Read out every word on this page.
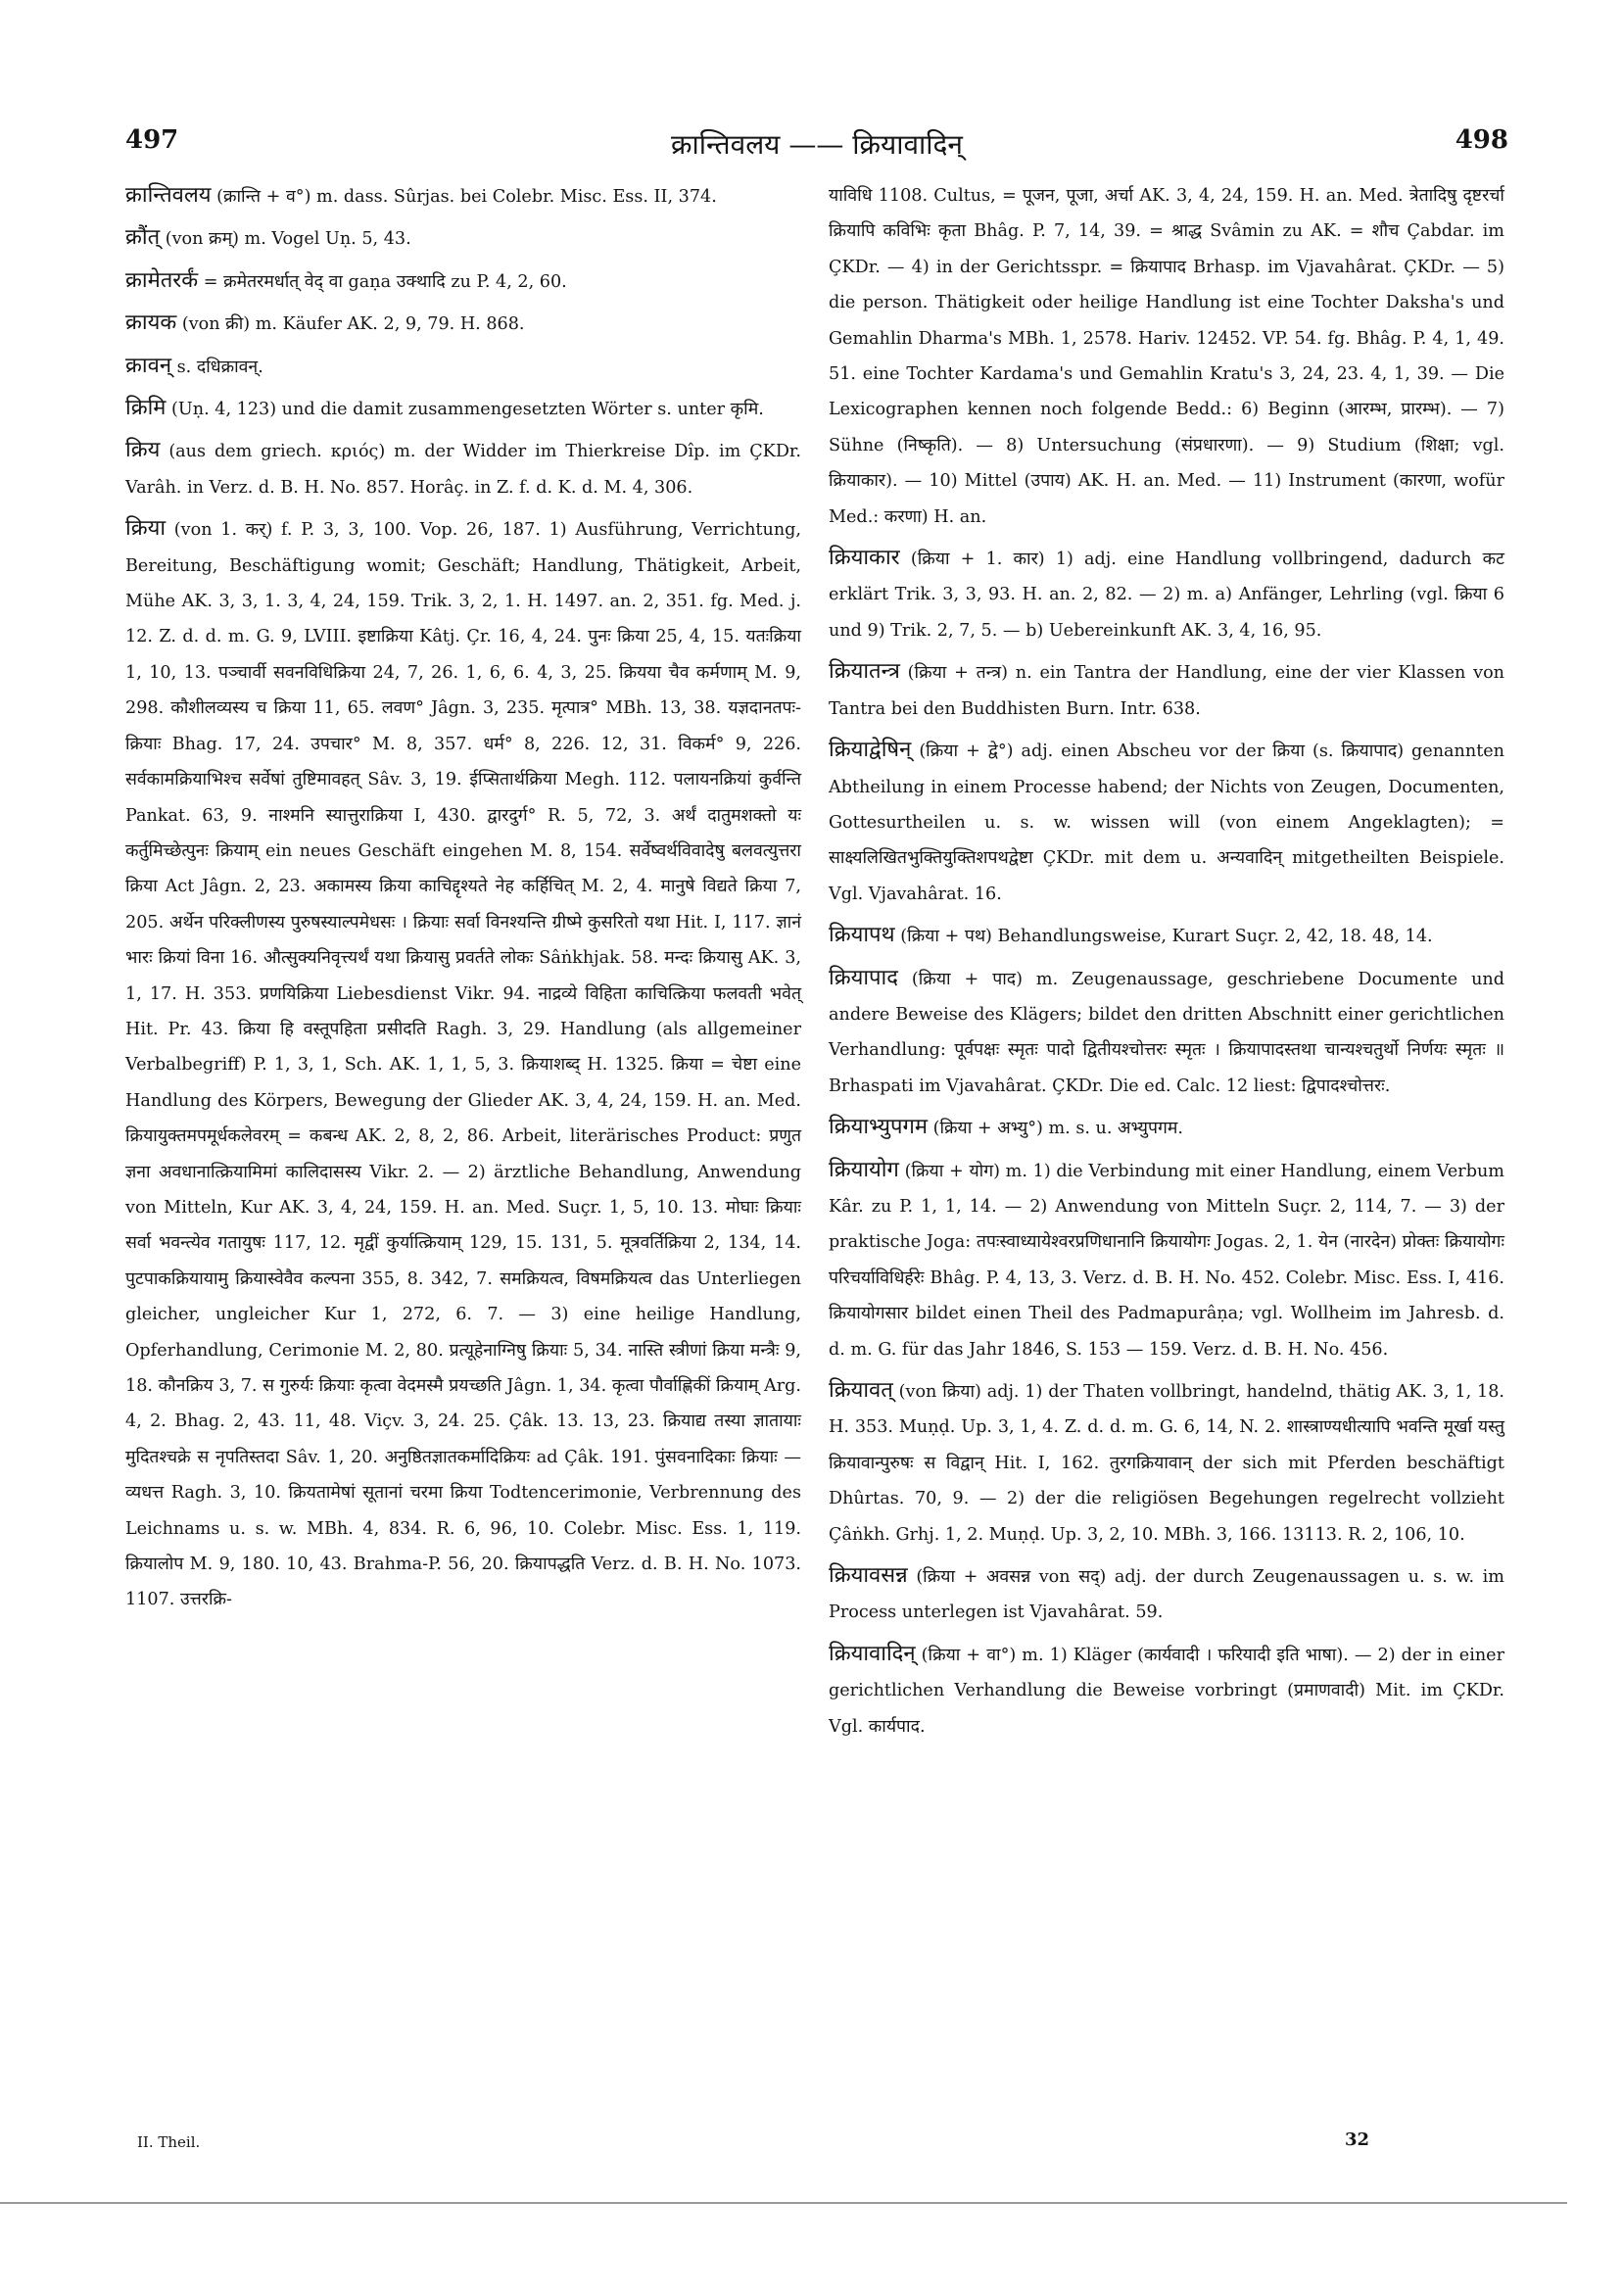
497	क्रान्तिवलय —— क्रियावादिन्	498

क्रान्तिवलय (क्रान्ति + व°) m. dass. Sûrjas. bei Colebr. Misc. Ess. II, 374.

क्रौंत् (von क्रम्) m. Vogel Uṇ. 5, 43.

क्रामेतरर्कं = क्रमेतरमर्धात् वेद् वा gaṇa उक्थादि zu P. 4, 2, 60.

क्रायक (von क्री) m. Käufer AK. 2, 9, 79. H. 868.

क्रावन् s. दधिक्रावन्.

क्रिमि (Uṇ. 4, 123) und die damit zusammengesetzten Wörter s. unter कृमि.

क्रिय (aus dem griech. κριός) m. der Widder im Thierkreise Dîp. im ÇKDr. Varâh. in Verz. d. B. H. No. 857. Horâç. in Z. f. d. K. d. M. 4, 306.

क्रिया (von 1. कर्) f. P. 3, 3, 100. Vop. 26, 187. 1) Ausführung, Verrichtung, Bereitung, Beschäftigung womit; Geschäft; Handlung, Thätigkeit, Arbeit, Mühe AK. 3, 3, 1. 3, 4, 24, 159. Trik. 3, 2, 1. H. 1497. an. 2, 351. fg. Med. j. 12. Z. d. d. m. G. 9, LVIII. इष्टाक्रिया Kâtj. Çr. 16, 4, 24. पुनः क्रिया 25, 4, 15. यतःक्रिया 1, 10, 13. पञ्चार्वी सवनविधिक्रिया 24, 7, 26. 1, 6, 6. 4, 3, 25. क्रियया चैव कर्मणाम् M. 9, 298. कौशीलव्यस्य च क्रिया 11, 65. लवण° Jâgn. 3, 235. मृत्पात्र° MBh. 13, 38. यज्ञदानतपः-क्रियाः Bhag. 17, 24. उपचार° M. 8, 357. धर्म° 8, 226. 12, 31. विकर्म° 9, 226. सर्वकामक्रियाभिश्च सर्वेषां तुष्टिमावहत् Sâv. 3, 19. ईप्सितार्थक्रिया Megh. 112. पलायनक्रियां कुर्वन्ति Pankat. 63, 9. नाश्मनि स्यात्तुराक्रिया I, 430. द्वारदुर्ग° R. 5, 72, 3. अर्थं दातुमशक्तो यः कर्तुमिच्छेत्पुनः क्रियाम् ein neues Geschäft eingehen M. 8, 154. सर्वेष्वर्थविवादेषु बलवत्युत्तरा क्रिया Act Jâgn. 2, 23. अकामस्य क्रिया काचिद्दृश्यते नेह कर्हिचित् M. 2, 4. मानुषे विद्यते क्रिया 7, 205. अर्थेन परिक्लीणस्य पुरुषस्याल्पमेधसः । क्रियाः सर्वा विनश्यन्ति ग्रीष्मे कुसरितो यथा Hit. I, 117. ज्ञानं भारः क्रियां विना 16. औत्सुक्यनिवृत्त्यर्थं यथा क्रियासु प्रवर्तते लोकः Sâṅkhjak. 58. मन्दः क्रियासु AK. 3, 1, 17. H. 353. प्रणयिक्रिया Liebesdienst Vikr. 94. नाद्रव्ये विहिता काचित्क्रिया फलवती भवेत् Hit. Pr. 43. क्रिया हि वस्तूपहिता प्रसीदति Ragh. 3, 29. Handlung (als allgemeiner Verbalbegriff) P. 1, 3, 1, Sch. AK. 1, 1, 5, 3. क्रियाशब्द् H. 1325. क्रिया = चेष्टा eine Handlung des Körpers, Bewegung der Glieder AK. 3, 4, 24, 159. H. an. Med. क्रियायुक्तमपमूर्धकलेवरम् = कबन्ध AK. 2, 8, 2, 86. Arbeit, literärisches Product: प्रणुत ज्ञना अवधानात्क्रियामिमां कालिदासस्य Vikr. 2. — 2) ärztliche Behandlung, Anwendung von Mitteln, Kur AK. 3, 4, 24, 159. H. an. Med. Suçr. 1, 5, 10. 13. मोघाः क्रियाः सर्वा भवन्त्येव गतायुषः 117, 12. मृद्वीं कुर्यात्क्रियाम् 129, 15. 131, 5. मूत्रवर्तिक्रिया 2, 134, 14. पुटपाकक्रियायामु क्रियास्वेवैव कल्पना 355, 8. 342, 7. समक्रियत्व, विषमक्रियत्व das Unterliegen gleicher, ungleicher Kur 1, 272, 6. 7. — 3) eine heilige Handlung, Opferhandlung, Cerimonie M. 2, 80. प्रत्यूहेनाग्निषु क्रियाः 5, 34. नास्ति स्त्रीणां क्रिया मन्त्रैः 9, 18. कौनक्रिय 3, 7. स गुरुर्यः क्रियाः कृत्वा वेदमस्मै प्रयच्छति Jâgn. 1, 34. कृत्वा पौर्वाह्णिकीं क्रियाम् Arg. 4, 2. Bhag. 2, 43. 11, 48. Viçv. 3, 24. 25. Çâk. 13. 13, 23. क्रियाद्य तस्या ज्ञातायाः मुदितश्चक्रे स नृपतिस्तदा Sâv. 1, 20. अनुष्ठितज्ञातकर्मादिक्रियः ad Çâk. 191. पुंसवनादिकाः क्रियाः — व्यधत्त Ragh. 3, 10. क्रियतामेषां सूतानां चरमा क्रिया Todtencerimonie, Verbrennung des Leichnams u. s. w. MBh. 4, 834. R. 6, 96, 10. Colebr. Misc. Ess. 1, 119. क्रियालोप M. 9, 180. 10, 43. Brahma-P. 56, 20. क्रियापद्धति Verz. d. B. H. No. 1073. 1107. उत्तरक्रि-

याविधि 1108. Cultus, = पूजन, पूजा, अर्चा AK. 3, 4, 24, 159. H. an. Med. त्रेतादिषु दृष्टरर्चा क्रियापि कविभिः कृता Bhâg. P. 7, 14, 39. = श्राद्ध Svâmin zu AK. = शौच Çabdar. im ÇKDr. — 4) in der Gerichtsspr. = क्रियापाद Brhasp. im Vjavahârat. ÇKDr. — 5) die person. Thätigkeit oder heilige Handlung ist eine Tochter Daksha's und Gemahlin Dharma's MBh. 1, 2578. Hariv. 12452. VP. 54. fg. Bhâg. P. 4, 1, 49. 51. eine Tochter Kardama's und Gemahlin Kratu's 3, 24, 23. 4, 1, 39. — Die Lexicographen kennen noch folgende Bedd.: 6) Beginn (आरम्भ, प्रारम्भ). — 7) Sühne (निष्कृति). — 8) Untersuchung (संप्रधारणा). — 9) Studium (शिक्षा; vgl. क्रियाकार). — 10) Mittel (उपाय) AK. H. an. Med. — 11) Instrument (कारणा, wofür Med.: करणा) H. an.

क्रियाकार (क्रिया + 1. कार) 1) adj. eine Handlung vollbringend, dadurch कट erklärt Trik. 3, 3, 93. H. an. 2, 82. — 2) m. a) Anfänger, Lehrling (vgl. क्रिया 6 und 9) Trik. 2, 7, 5. — b) Uebereinkunft AK. 3, 4, 16, 95.

क्रियातन्त्र (क्रिया + तन्त्र) n. ein Tantra der Handlung, eine der vier Klassen von Tantra bei den Buddhisten Burn. Intr. 638.

क्रियाद्वेषिन् (क्रिया + द्वे°) adj. einen Abscheu vor der क्रिया (s. क्रियापाद) genannten Abtheilung in einem Processe habend; der Nichts von Zeugen, Documenten, Gottesurtheilen u. s. w. wissen will (von einem Angeklagten); = साक्ष्यलिखितभुक्तियुक्तिशपथद्वेष्टा ÇKDr. mit dem u. अन्यवादिन् mitgetheilten Beispiele. Vgl. Vjavahârat. 16.

क्रियापथ (क्रिया + पथ) Behandlungsweise, Kurart Suçr. 2, 42, 18. 48, 14.

क्रियापाद (क्रिया + पाद) m. Zeugenaussage, geschriebene Documente und andere Beweise des Klägers; bildet den dritten Abschnitt einer gerichtlichen Verhandlung: पूर्वपक्षः स्मृतः पादो द्वितीयश्चोत्तरः स्मृतः । क्रियापादस्तथा चान्यश्चतुर्थो निर्णयः स्मृतः ॥ Brhaspati im Vjavahârat. ÇKDr. Die ed. Calc. 12 liest: द्विपादश्चोत्तरः.

क्रियाभ्युपगम (क्रिया + अभ्यु°) m. s. u. अभ्युपगम.

क्रियायोग (क्रिया + योग) m. 1) die Verbindung mit einer Handlung, einem Verbum Kâr. zu P. 1, 1, 14. — 2) Anwendung von Mitteln Suçr. 2, 114, 7. — 3) der praktische Joga: तपःस्वाध्यायेश्वरप्रणिधानानि क्रियायोगः Jogas. 2, 1. येन (नारदेन) प्रोक्तः क्रियायोगः परिचर्याविधिर्हरेः Bhâg. P. 4, 13, 3. Verz. d. B. H. No. 452. Colebr. Misc. Ess. I, 416. क्रियायोगसार bildet einen Theil des Padmapurâṇa; vgl. Wollheim im Jahresb. d. d. m. G. für das Jahr 1846, S. 153 — 159. Verz. d. B. H. No. 456.

क्रियावत् (von क्रिया) adj. 1) der Thaten vollbringt, handelnd, thätig AK. 3, 1, 18. H. 353. Muṇḍ. Up. 3, 1, 4. Z. d. d. m. G. 6, 14, N. 2. शास्त्राण्यधीत्यापि भवन्ति मूर्खा यस्तु क्रियावान्पुरुषः स विद्वान् Hit. I, 162. तुरगक्रियावान् der sich mit Pferden beschäftigt Dhûrtas. 70, 9. — 2) der die religiösen Begehungen regelrecht vollzieht Çâṅkh. Grhj. 1, 2. Muṇḍ. Up. 3, 2, 10. MBh. 3, 166. 13113. R. 2, 106, 10.

क्रियावसन्न (क्रिया + अवसन्न von सद्) adj. der durch Zeugenaussagen u. s. w. im Process unterlegen ist Vjavahârat. 59.

क्रियावादिन् (क्रिया + वा°) m. 1) Kläger (कार्यवादी । फरियादी इति भाषा). — 2) der in einer gerichtlichen Verhandlung die Beweise vorbringt (प्रमाणवादी) Mit. im ÇKDr. Vgl. कार्यपाद.

II. Theil.	32
